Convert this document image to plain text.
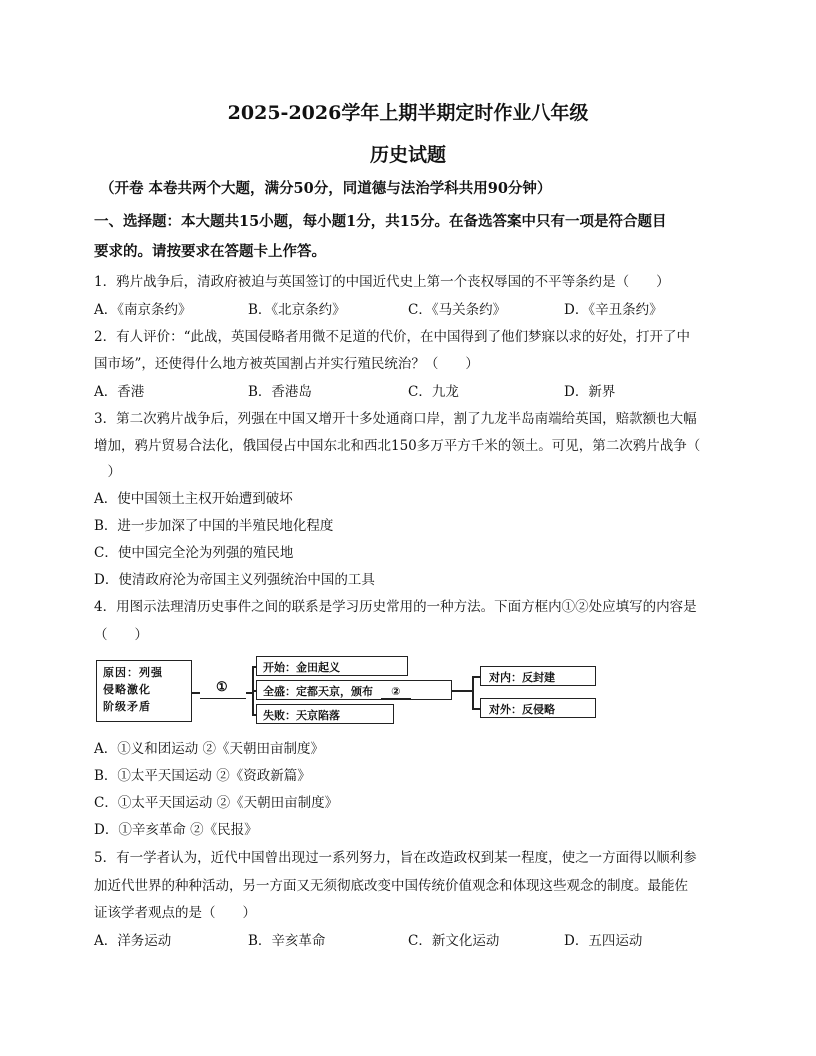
2025-2026学年上期半期定时作业八年级
历史试题
（开卷 本卷共两个大题，满分50分，同道德与法治学科共用90分钟）
一、选择题：本大题共15小题，每小题1分，共15分。在备选答案中只有一项是符合题目
要求的。请按要求在答题卡上作答。
1．鸦片战争后，清政府被迫与英国签订的中国近代史上第一个丧权辱国的不平等条约是（　　）
A．《南京条约》	B．《北京条约》	C．《马关条约》	D．《辛丑条约》
2．有人评价：“此战，英国侵略者用微不足道的代价，在中国得到了他们梦寐以求的好处，打开了中
国市场”，还使得什么地方被英国割占并实行殖民统治？（　　）
A．香港	B．香港岛	C．九龙	D．新界
3．第二次鸦片战争后，列强在中国又增开十多处通商口岸，割了九龙半岛南端给英国，赔款额也大幅
增加，鸦片贸易合法化，俄国侵占中国东北和西北150多万平方千米的领土。可见，第二次鸦片战争（
　）
A．使中国领土主权开始遭到破坏
B．进一步加深了中国的半殖民地化程度
C．使中国完全沦为列强的殖民地
D．使清政府沦为帝国主义列强统治中国的工具
4．用图示法理清历史事件之间的联系是学习历史常用的一种方法。下面方框内①②处应填写的内容是
（　　）
原因：列强
侵略激化
阶级矛盾
①
开始：金田起义
全盛：定都天京，颁布 ②
失败：天京陷落
对内：反封建
对外：反侵略
A．①义和团运动 ②《天朝田亩制度》
B．①太平天国运动 ②《资政新篇》
C．①太平天国运动 ②《天朝田亩制度》
D．①辛亥革命 ②《民报》
5．有一学者认为，近代中国曾出现过一系列努力，旨在改造政权到某一程度，使之一方面得以顺利参
加近代世界的种种活动，另一方面又无须彻底改变中国传统价值观念和体现这些观念的制度。最能佐
证该学者观点的是（　　）
A．洋务运动	B．辛亥革命	C．新文化运动	D．五四运动
